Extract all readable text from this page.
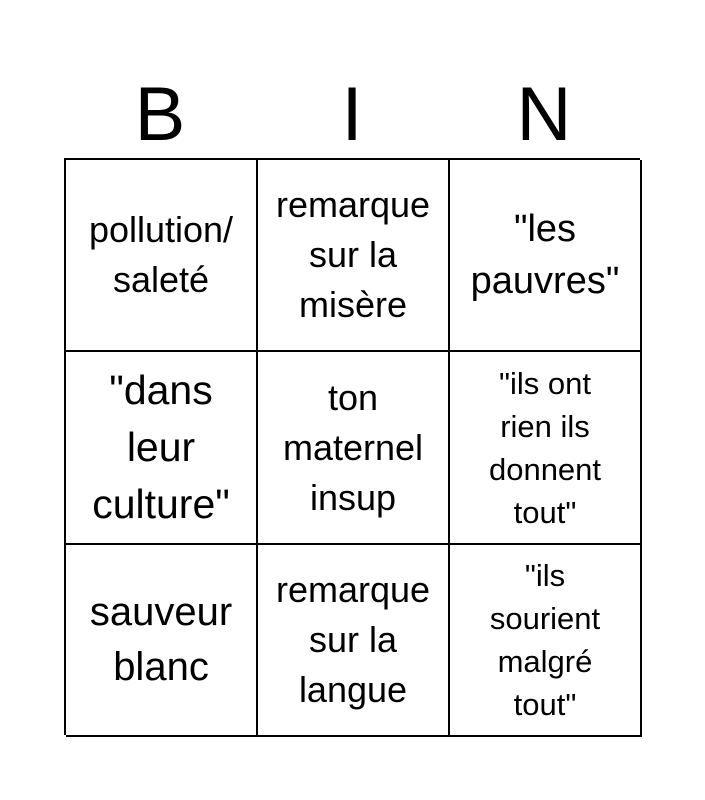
B	I	N
pollution/
saleté
remarque
sur la
misère
"les
pauvres"
"dans
leur
culture"
ton
maternel
insup
"ils ont
rien ils
donnent
tout"
sauveur
blanc
remarque
sur la
langue
"ils
sourient
malgré
tout"
